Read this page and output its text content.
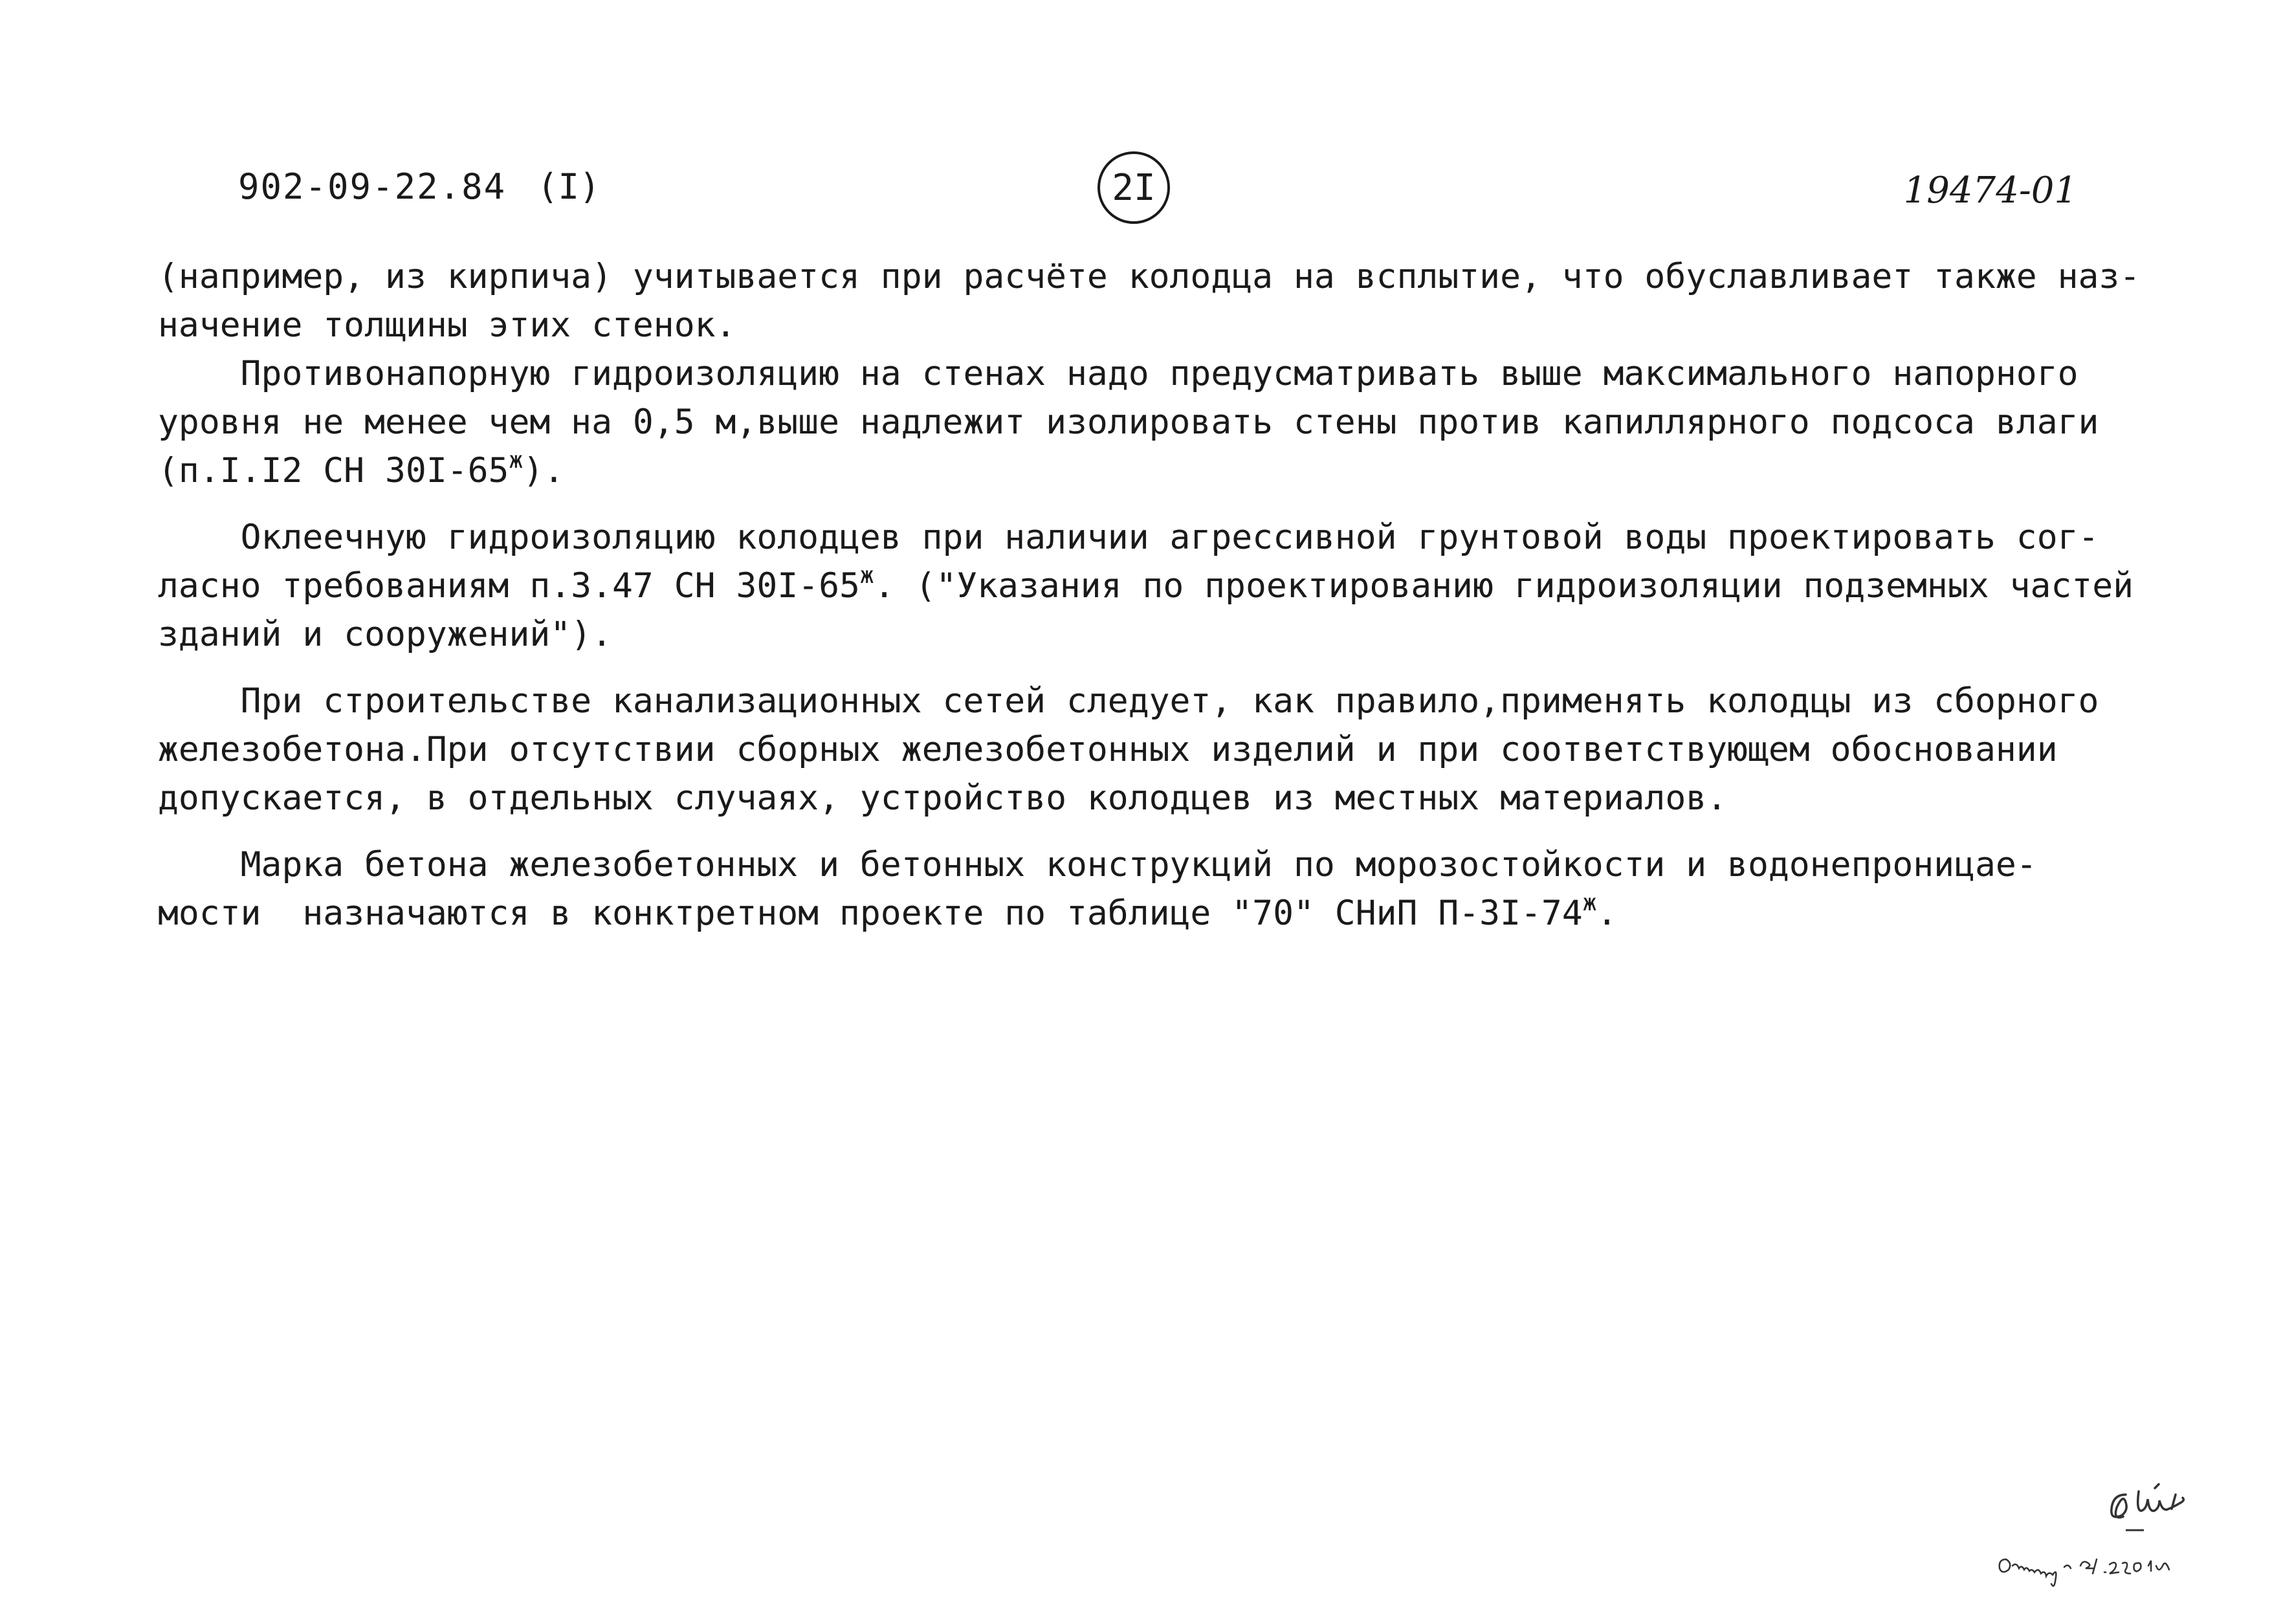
902-09-22.84 (I)	2I	19474-01
(например, из кирпича) учитывается при расчёте колодца на всплытие, что обуславливает также наз-
начение толщины этих стенок.
Противонапорную гидроизоляцию на стенах надо предусматривать выше максимального напорного
уровня не менее чем на 0,5 м,выше надлежит изолировать стены против капиллярного подсоса влаги
(п.I.I2 СН $30I-65^ж$).
Оклеечную гидроизоляцию колодцев при наличии агрессивной грунтовой воды проектировать сог-
ласно требованиям п.3.47 СН $30I-65^ж$. ("Указания по проектированию гидроизоляции подземных частей
зданий и сооружений").
При строительстве канализационных сетей следует, как правило,применять колодцы из сборного
железобетона.При отсутствии сборных железобетонных изделий и при соответствующем обосновании
допускается, в отдельных случаях, устройство колодцев из местных материалов.
Марка бетона железобетонных и бетонных конструкций по морозостойкости и водонепроницае-
мости  назначаются в конктретном проекте по таблице "70" СНиП $П-3I-74^ж$.
